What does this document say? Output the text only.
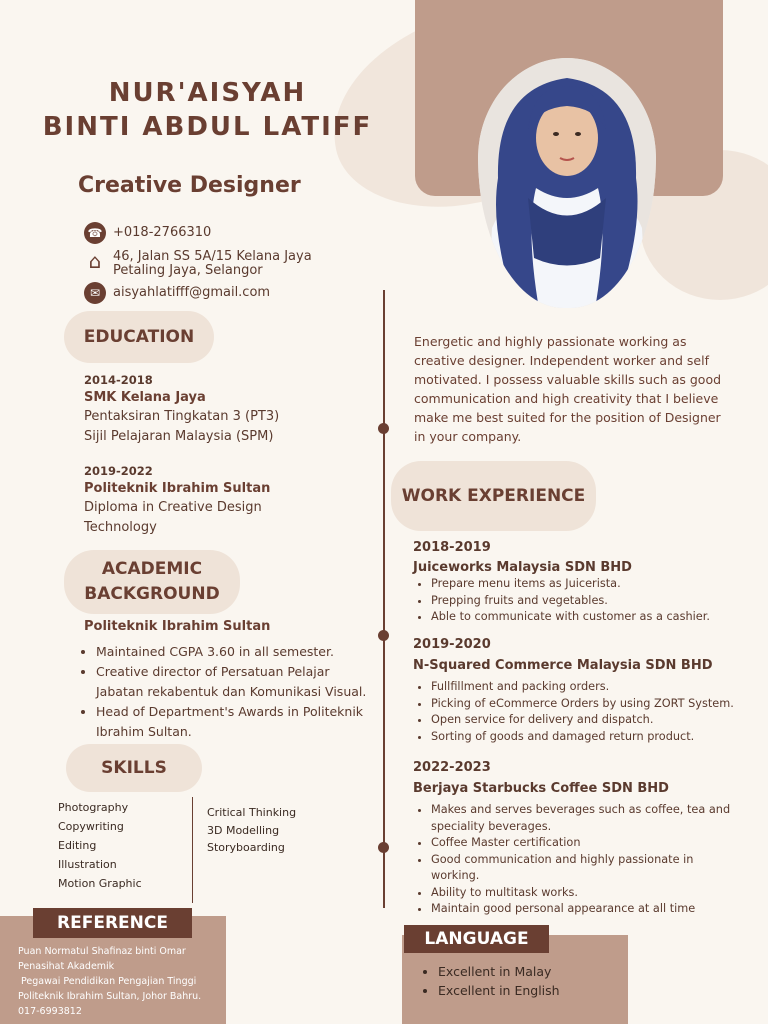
NUR'AISYAH
BINTI ABDUL LATIFF
Creative Designer
☎ +018-2766310
⌂ 46, Jalan SS 5A/15 Kelana Jaya
Petaling Jaya, Selangor
✉ aisyahlatifff@gmail.com
EDUCATION
2014-2018
SMK Kelana Jaya
Pentaksiran Tingkatan 3 (PT3)
Sijil Pelajaran Malaysia (SPM)
2019-2022
Politeknik Ibrahim Sultan
Diploma in Creative Design
Technology
ACADEMIC
BACKGROUND
Politeknik Ibrahim Sultan
• Maintained CGPA 3.60 in all semester.
• Creative director of Persatuan Pelajar Jabatan rekabentuk dan Komunikasi Visual.
• Head of Department's Awards in Politeknik Ibrahim Sultan.
SKILLS
Photography
Copywriting
Editing
Illustration
Motion Graphic
Critical Thinking
3D Modelling
Storyboarding
REFERENCE
Puan Normatul Shafinaz binti Omar
Penasihat Akademik
Pegawai Pendidikan Pengajian Tinggi
Politeknik Ibrahim Sultan, Johor Bahru.
017-6993812
Energetic and highly passionate working as creative designer. Independent worker and self motivated. I possess valuable skills such as good communication and high creativity that I believe make me best suited for the position of Designer in your company.
WORK EXPERIENCE
2018-2019
Juiceworks Malaysia SDN BHD
• Prepare menu items as Juicerista.
• Prepping fruits and vegetables.
• Able to communicate with customer as a cashier.
2019-2020
N-Squared Commerce Malaysia SDN BHD
• Fullfillment and packing orders.
• Picking of eCommerce Orders by using ZORT System.
• Open service for delivery and dispatch.
• Sorting of goods and damaged return product.
2022-2023
Berjaya Starbucks Coffee SDN BHD
• Makes and serves beverages such as coffee, tea and speciality beverages.
• Coffee Master certification
• Good communication and highly passionate in working.
• Ability to multitask works.
• Maintain good personal appearance at all time
LANGUAGE
• Excellent in Malay
• Excellent in English
